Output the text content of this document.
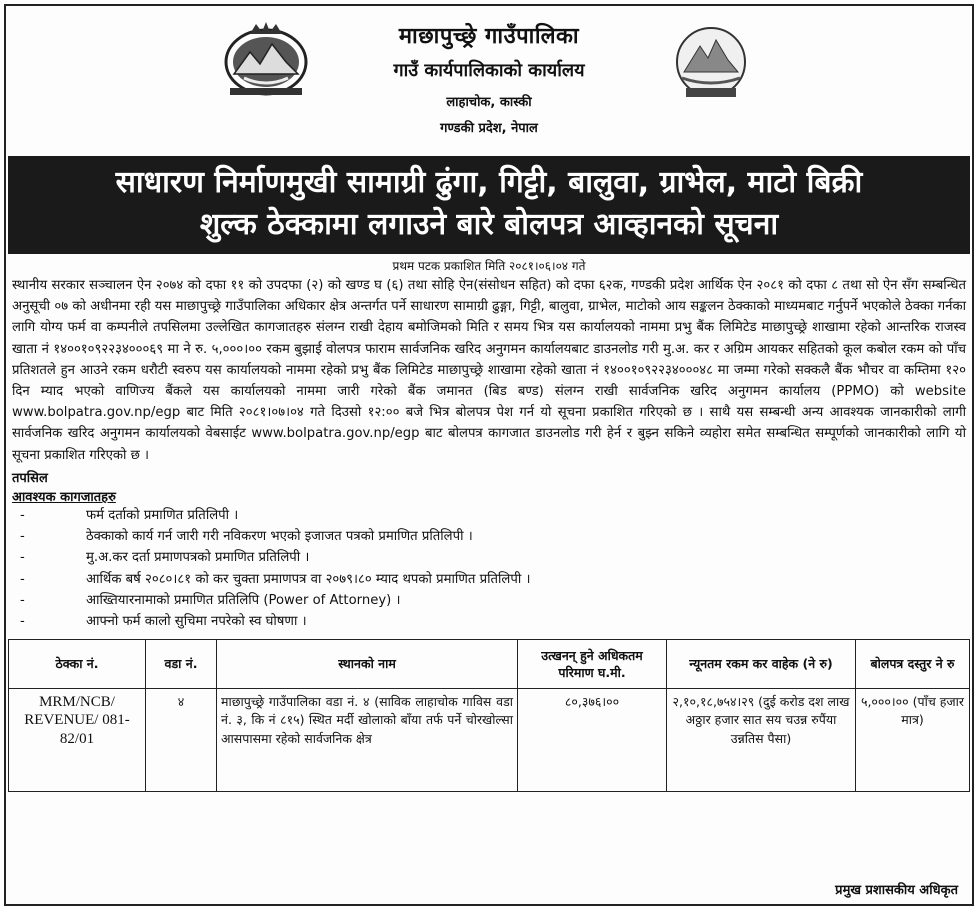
माछापुच्छ्रे गाउँपालिका
गाउँ कार्यपालिकाको कार्यालय
लाहाचोक, कास्की
गण्डकी प्रदेश, नेपाल
साधारण निर्माणमुखी सामाग्री ढुंगा, गिट्टी, बालुवा, ग्राभेल, माटो बिक्री
शुल्क ठेक्कामा लगाउने बारे बोलपत्र आव्हानको सूचना
प्रथम पटक प्रकाशित मिति २०८१।०६।०४ गते

स्थानीय सरकार सञ्चालन ऐन २०७४ को दफा ११ को उपदफा (२) को खण्ड घ (६) तथा सोहि ऐन(संसोधन सहित) को दफा ६२क, गण्डकी प्रदेश आर्थिक ऐन २०८१ को दफा ८ तथा सो ऐन सँग सम्बन्धित अनुसूची ०७ को अधीनमा रही यस माछापुच्छ्रे गाउँपालिका अधिकार क्षेत्र अन्तर्गत पर्ने साधारण सामाग्री ढुङ्गा, गिट्टी, बालुवा, ग्राभेल, माटोको आय सङ्कलन ठेक्काको माध्यमबाट गर्नुपर्ने भएकोले ठेक्का गर्नका लागि योग्य फर्म वा कम्पनीले तपसिलमा उल्लेखित कागजातहरु संलग्न राखी देहाय बमोजिमको मिति र समय भित्र यस कार्यालयको नाममा प्रभु बैंक लिमिटेड माछापुच्छ्रे शाखामा रहेको आन्तरिक राजस्व खाता नं १४००१०९२२३४०००६९ मा ने रु. ५,०००।०० रकम बुझाई वोलपत्र फाराम सार्वजनिक खरिद अनुगमन कार्यालयबाट डाउनलोड गरी मु.अ. कर र अग्रिम आयकर सहितको कूल कबोल रकम को पाँच प्रतिशतले हुन आउने रकम धरौटी स्वरुप यस कार्यालयको नाममा रहेको प्रभु बैंक लिमिटेड माछापुच्छ्रे शाखामा रहेको खाता नं १४००१०९२२३४०००४८ मा जम्मा गरेको सक्कलै बैंक भौचर वा कम्तिमा १२० दिन म्याद भएको वाणिज्य बैंकले यस कार्यालयको नाममा जारी गरेको बैंक जमानत (बिड बण्ड) संलग्न राखी सार्वजनिक खरिद अनुगमन कार्यालय (PPMO) को website www.bolpatra.gov.np/egp बाट मिति २०८१।०७।०४ गते दिउसो १२:०० बजे भित्र बोलपत्र पेश गर्न यो सूचना प्रकाशित गरिएको छ । साथै यस सम्बन्धी अन्य आवश्यक जानकारीको लागी सार्वजनिक खरिद अनुगमन कार्यालयको वेबसाईट www.bolpatra.gov.np/egp बाट बोलपत्र कागजात डाउनलोड गरी हेर्न र बुझ्न सकिने व्यहोरा समेत सम्बन्धित सम्पूर्णको जानकारीको लागि यो सूचना प्रकाशित गरिएको छ ।

तपसिल
आवश्यक कागजातहरु
-	फर्म दर्ताको प्रमाणित प्रतिलिपी ।
-	ठेक्काको कार्य गर्न जारी गरी नविकरण भएको इजाजत पत्रको प्रमाणित प्रतिलिपी ।
-	मु.अ.कर दर्ता प्रमाणपत्रको प्रमाणित प्रतिलिपी ।
-	आर्थिक बर्ष २०८०।८१ को कर चुक्ता प्रमाणपत्र वा २०७९।८० म्याद थपको प्रमाणित प्रतिलिपी ।
-	आख्तियारनामाको प्रमाणित प्रतिलिपि (Power of Attorney) ।
-	आफ्नो फर्म कालो सुचिमा नपरेको स्व घोषणा ।
ठेक्का नं.	वडा नं.	स्थानको नाम	उत्खनन् हुने अधिकतम परिमाण घ.मी.	न्यूनतम रकम कर वाहेक (ने रु)	बोलपत्र दस्तुर ने रु
MRM/NCB/ REVENUE/ 081-82/01	४	माछापुच्छ्रे गाउँपालिका वडा नं. ४ (साविक लाहाचोक गाविस वडा नं. ३, कि नं ८१५) स्थित मर्दी खोलाको बाँया तर्फ पर्ने चोरखोल्सा आसपासमा रहेको सार्वजनिक क्षेत्र	८०,३७६।००	२,१०,१८,७५४।२९ (दुई करोड दश लाख अठ्ठार हजार सात सय चउन्न रुपैंया उन्नतिस पैसा)	५,०००।०० (पाँच हजार मात्र)
प्रमुख प्रशासकीय अधिकृत
